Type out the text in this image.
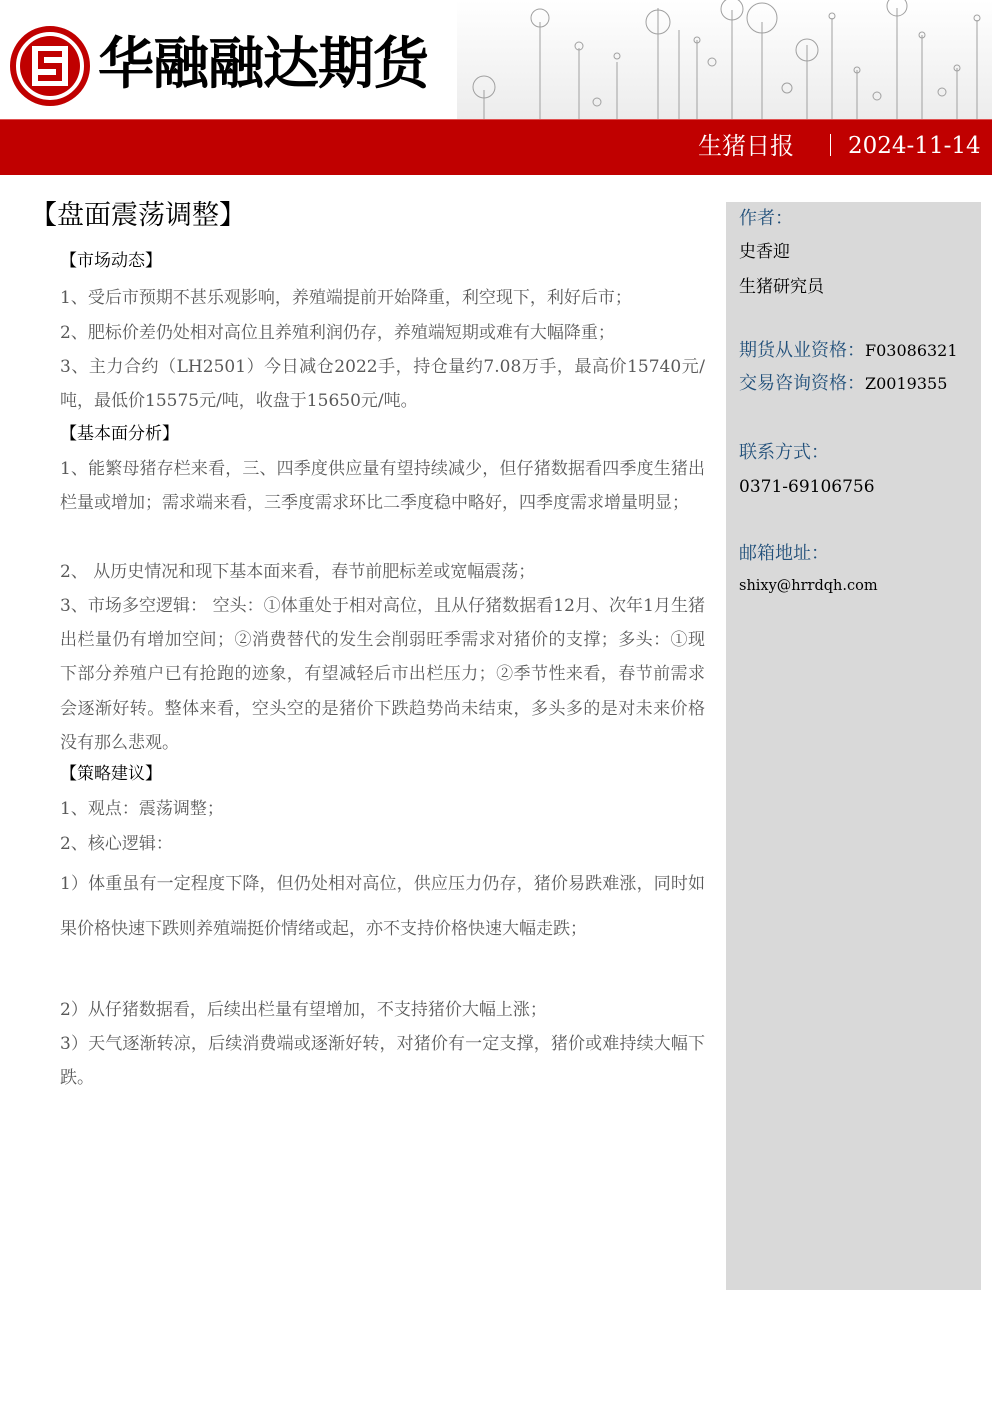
华融融达期货
生猪日报 2024-11-14
【盘面震荡调整】
【市场动态】
1、受后市预期不甚乐观影响，养殖端提前开始降重，利空现下，利好后市；
2、肥标价差仍处相对高位且养殖利润仍存，养殖端短期或难有大幅降重；
3、主力合约（LH2501）今日减仓2022手，持仓量约7.08万手，最高价15740元/吨，最低价15575元/吨，收盘于15650元/吨。
【基本面分析】
1、能繁母猪存栏来看，三、四季度供应量有望持续减少，但仔猪数据看四季度生猪出栏量或增加；需求端来看，三季度需求环比二季度稳中略好，四季度需求增量明显；
2、 从历史情况和现下基本面来看，春节前肥标差或宽幅震荡；
3、市场多空逻辑： 空头：①体重处于相对高位，且从仔猪数据看12月、次年1月生猪出栏量仍有增加空间；②消费替代的发生会削弱旺季需求对猪价的支撑；多头：①现下部分养殖户已有抢跑的迹象，有望减轻后市出栏压力；②季节性来看，春节前需求会逐渐好转。整体来看，空头空的是猪价下跌趋势尚未结束，多头多的是对未来价格没有那么悲观。
【策略建议】
1、观点：震荡调整；
2、核心逻辑：
1）体重虽有一定程度下降，但仍处相对高位，供应压力仍存，猪价易跌难涨，同时如果价格快速下跌则养殖端挺价情绪或起，亦不支持价格快速大幅走跌；
2）从仔猪数据看，后续出栏量有望增加，不支持猪价大幅上涨；
3）天气逐渐转凉，后续消费端或逐渐好转，对猪价有一定支撑，猪价或难持续大幅下跌。
作者：
史香迎
生猪研究员
期货从业资格：F03086321
交易咨询资格：Z0019355
联系方式：
0371-69106756
邮箱地址：
shixy@hrrdqh.com
